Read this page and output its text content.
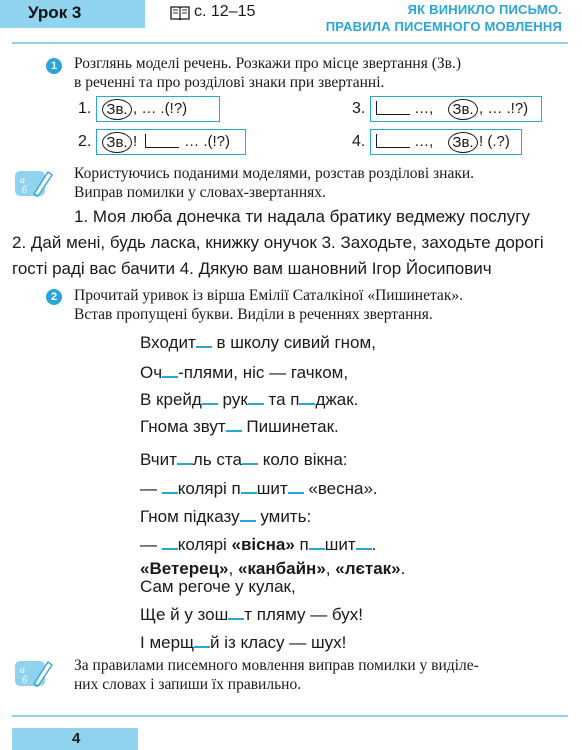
Урок 3	с. 12–15	ЯК ВИНИКЛО ПИСЬМО.
ПРАВИЛА ПИСЕМНОГО МОВЛЕННЯ
1	Розглянь моделі речень. Розкажи про місце звертання (Зв.)
в реченні та про розділові знаки при звертанні.
1. Зв. , … .(!?)	3.	…, Зв. , … .!?)
2. Зв. !	… .(!?)	4.	…, Зв. ! (.?)
а
б
Користуючись поданими моделями, розстав розділові знаки.
Виправ помилки у словах-звертаннях.
1. Моя люба донечка ти надала братику ведмежу послугу
2. Дай мені, будь ласка, книжку онучок 3. Заходьте, заходьте дорогі
гості раді вас бачити 4. Дякую вам шановний Ігор Йосипович
2	Прочитай уривок із вірша Емілії Саталкіної «Пишинетак».
Встав пропущені букви. Виділи в реченнях звертання.
Входит в школу сивий гном,
Оч -плями, ніс — гачком,
В крейд рук та п джак.
Гнома звут Пишинетак.
Вчит ль ста коло вікна:
— колярі п шит «весна».
Гном підказу умить:
— колярі «вісна» п шит .
«Ветерец», «канбайн», «лєтак».
Сам регоче у кулак,
Ще й у зош т пляму — бух!
І мерщ й із класу — шух!
а
б
За правилами писемного мовлення виправ помилки у виділе-
них словах і запиши їх правильно.
4
